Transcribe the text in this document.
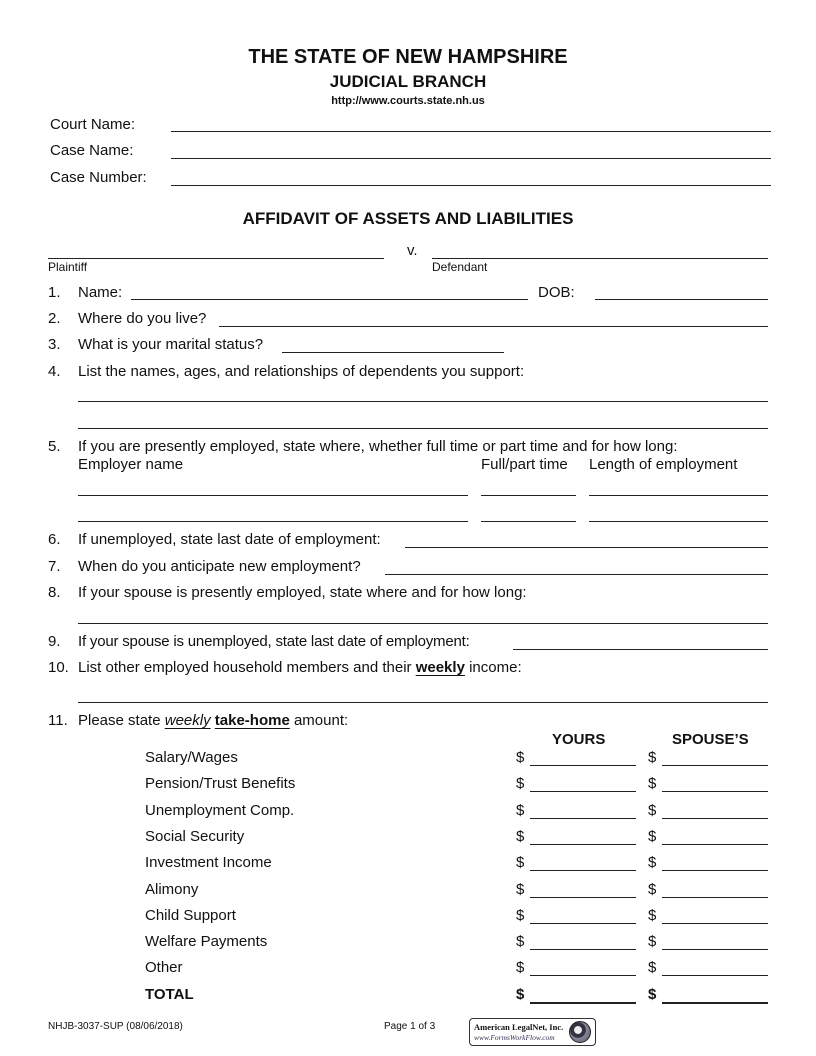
THE STATE OF NEW HAMPSHIRE
JUDICIAL BRANCH
http://www.courts.state.nh.us
Court Name:
Case Name:
Case Number:
AFFIDAVIT OF ASSETS AND LIABILITIES
v.
Plaintiff	Defendant
1. Name:	DOB:
2. Where do you live?
3. What is your marital status?
4. List the names, ages, and relationships of dependents you support:
5. If you are presently employed, state where, whether full time or part time and for how long:
Employer name	Full/part time Length of employment
6. If unemployed, state last date of employment:
7. When do you anticipate new employment?
8. If your spouse is presently employed, state where and for how long:
9. If your spouse is unemployed, state last date of employment:
10. List other employed household members and their weekly income:
11. Please state weekly take-home amount:
YOURS	SPOUSE’S
Salary/Wages	$	$
Pension/Trust Benefits	$	$
Unemployment Comp.	$	$
Social Security	$	$
Investment Income	$	$
Alimony	$	$
Child Support	$	$
Welfare Payments	$	$
Other	$	$
TOTAL	$	$
NHJB-3037-SUP (08/06/2018)	Page 1 of 3	American LegalNet, Inc.
www.FormsWorkFlow.com
